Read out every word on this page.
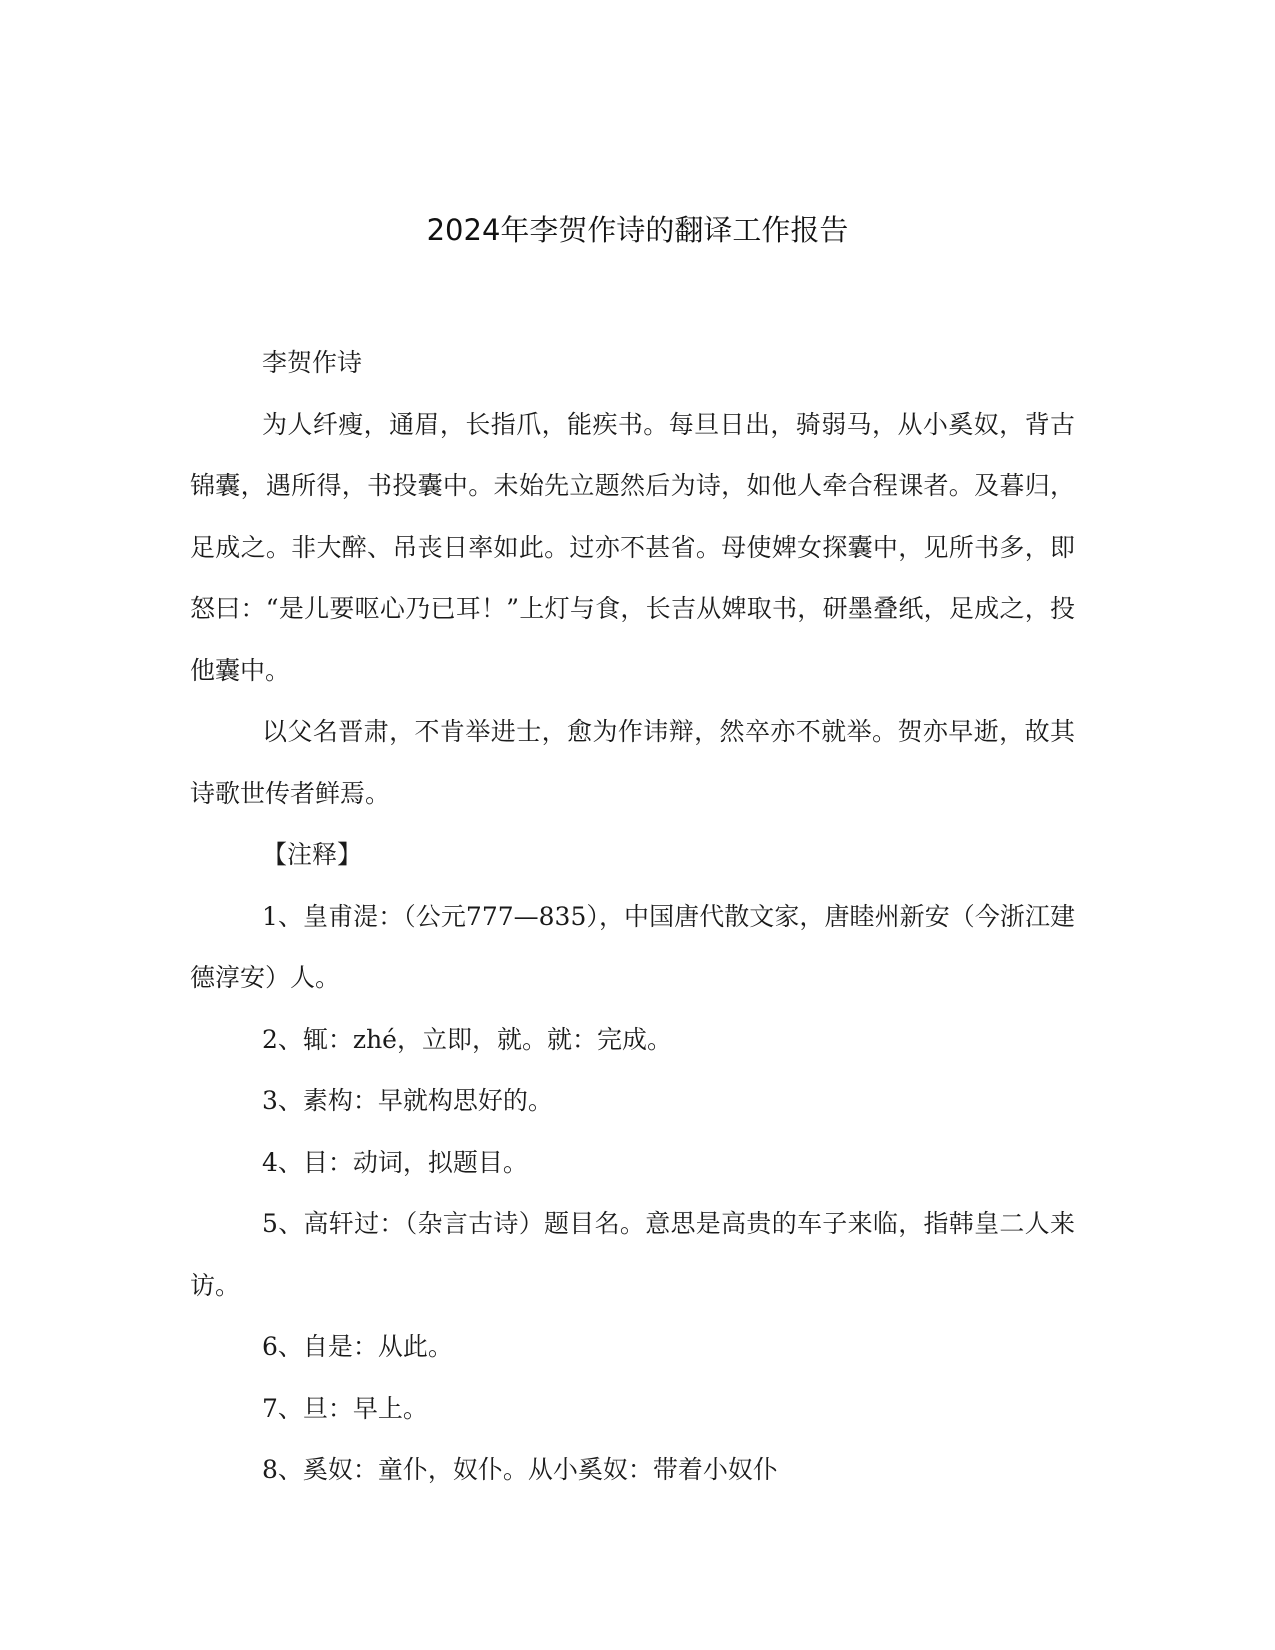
2024年李贺作诗的翻译工作报告

李贺作诗

为人纤瘦，通眉，长指爪，能疾书。每旦日出，骑弱马，从小奚奴，背古锦囊，遇所得，书投囊中。未始先立题然后为诗，如他人牵合程课者。及暮归，足成之。非大醉、吊丧日率如此。过亦不甚省。母使婢女探囊中，见所书多，即怒曰：“是儿要呕心乃已耳！”上灯与食，长吉从婢取书，研墨叠纸，足成之，投他囊中。

以父名晋肃，不肯举进士，愈为作讳辩，然卒亦不就举。贺亦早逝，故其诗歌世传者鲜焉。

【注释】

1、皇甫湜：（公元777—835），中国唐代散文家，唐睦州新安（今浙江建德淳安）人。

2、辄：zhé，立即，就。就：完成。

3、素构：早就构思好的。

4、目：动词，拟题目。

5、高轩过：（杂言古诗）题目名。意思是高贵的车子来临，指韩皇二人来访。

6、自是：从此。

7、旦：早上。

8、奚奴：童仆，奴仆。从小奚奴：带着小奴仆
